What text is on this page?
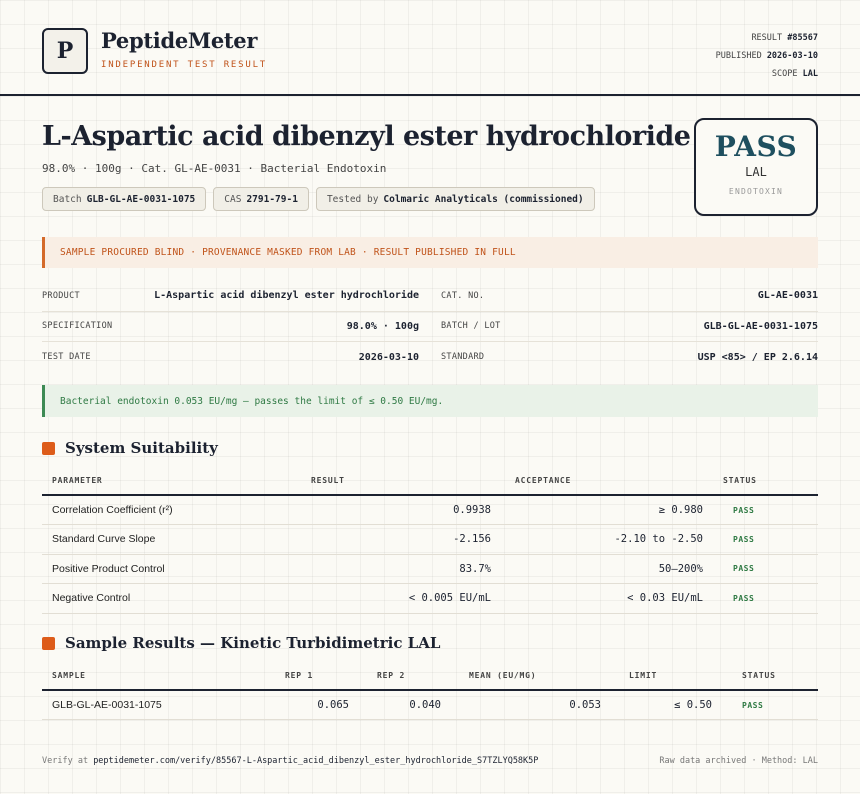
P PeptideMeter
INDEPENDENT TEST RESULT
RESULT #85567
PUBLISHED 2026-03-10
SCOPE LAL
L-Aspartic acid dibenzyl ester hydrochloride
98.0% · 100g · Cat. GL-AE-0031 · Bacterial Endotoxin
Batch GLB-GL-AE-0031-1075	CAS 2791-79-1	Tested by Colmaric Analyticals (commissioned)
PASS
LAL
ENDOTOXIN
SAMPLE PROCURED BLIND · PROVENANCE MASKED FROM LAB · RESULT PUBLISHED IN FULL
PRODUCT	L-Aspartic acid dibenzyl ester hydrochloride	CAT. NO.	GL-AE-0031
SPECIFICATION	98.0% · 100g	BATCH / LOT	GLB-GL-AE-0031-1075
TEST DATE	2026-03-10	STANDARD	USP <85> / EP 2.6.14
Bacterial endotoxin 0.053 EU/mg — passes the limit of ≤ 0.50 EU/mg.
System Suitability
PARAMETER	RESULT	ACCEPTANCE	STATUS
Correlation Coefficient (r²)	0.9938	≥ 0.980	PASS
Standard Curve Slope	-2.156	-2.10 to -2.50	PASS
Positive Product Control	83.7%	50–200%	PASS
Negative Control	< 0.005 EU/mL	< 0.03 EU/mL	PASS
Sample Results — Kinetic Turbidimetric LAL
SAMPLE	REP 1	REP 2	MEAN (EU/MG)	LIMIT	STATUS
GLB-GL-AE-0031-1075	0.065	0.040	0.053	≤ 0.50	PASS
Verify at peptidemeter.com/verify/85567-L-Aspartic_acid_dibenzyl_ester_hydrochloride_S7TZLYQ58K5P	Raw data archived · Method: LAL
